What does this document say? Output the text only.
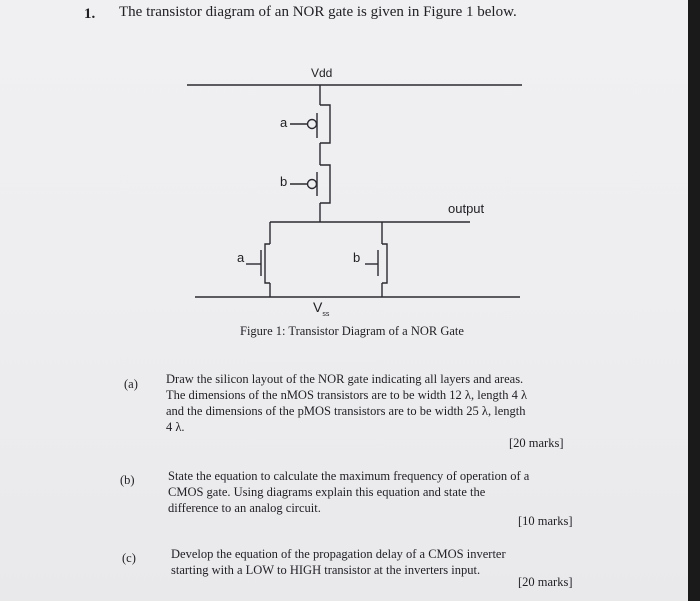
1. The transistor diagram of an NOR gate is given in Figure 1 below.
Vdd
a
b
output
a	b
$V_{ss}$
Figure 1: Transistor Diagram of a NOR Gate
(a) Draw the silicon layout of the NOR gate indicating all layers and areas.
The dimensions of the nMOS transistors are to be width 12 λ, length 4 λ
and the dimensions of the pMOS transistors are to be width 25 λ, length
4 λ.
[20 marks]
(b)	State the equation to calculate the maximum frequency of operation of a
CMOS gate. Using diagrams explain this equation and state the
difference to an analog circuit.
[10 marks]
(c)	Develop the equation of the propagation delay of a CMOS inverter
starting with a LOW to HIGH transistor at the inverters input.
[20 marks]
